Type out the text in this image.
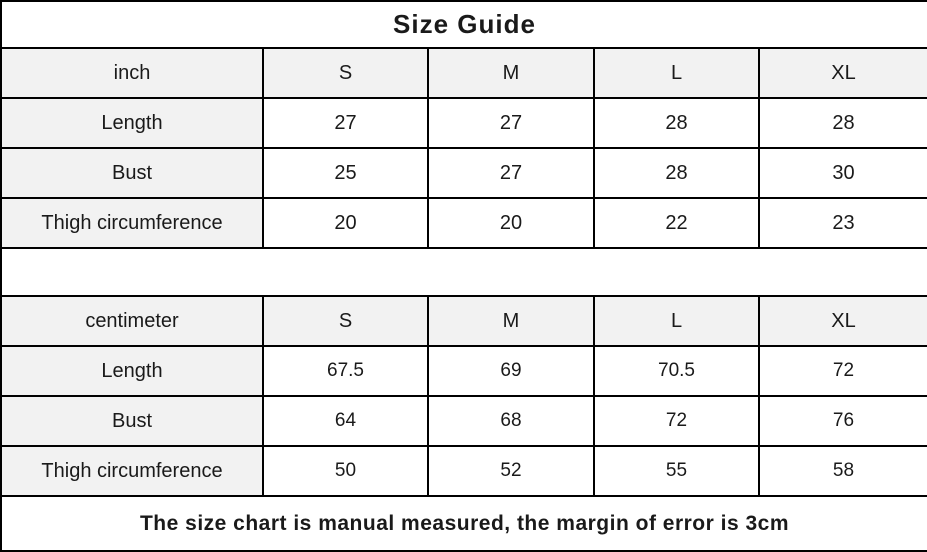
Size Guide				
inch	S	M	L	XL
Length	27	27	28	28
Bust	25	27	28	30
Thigh circumference	20	20	22	23

centimeter	S	M	L	XL
Length	67.5	69	70.5	72
Bust	64	68	72	76
Thigh circumference	50	52	55	58
The size chart is manual measured, the margin of error is 3cm				
